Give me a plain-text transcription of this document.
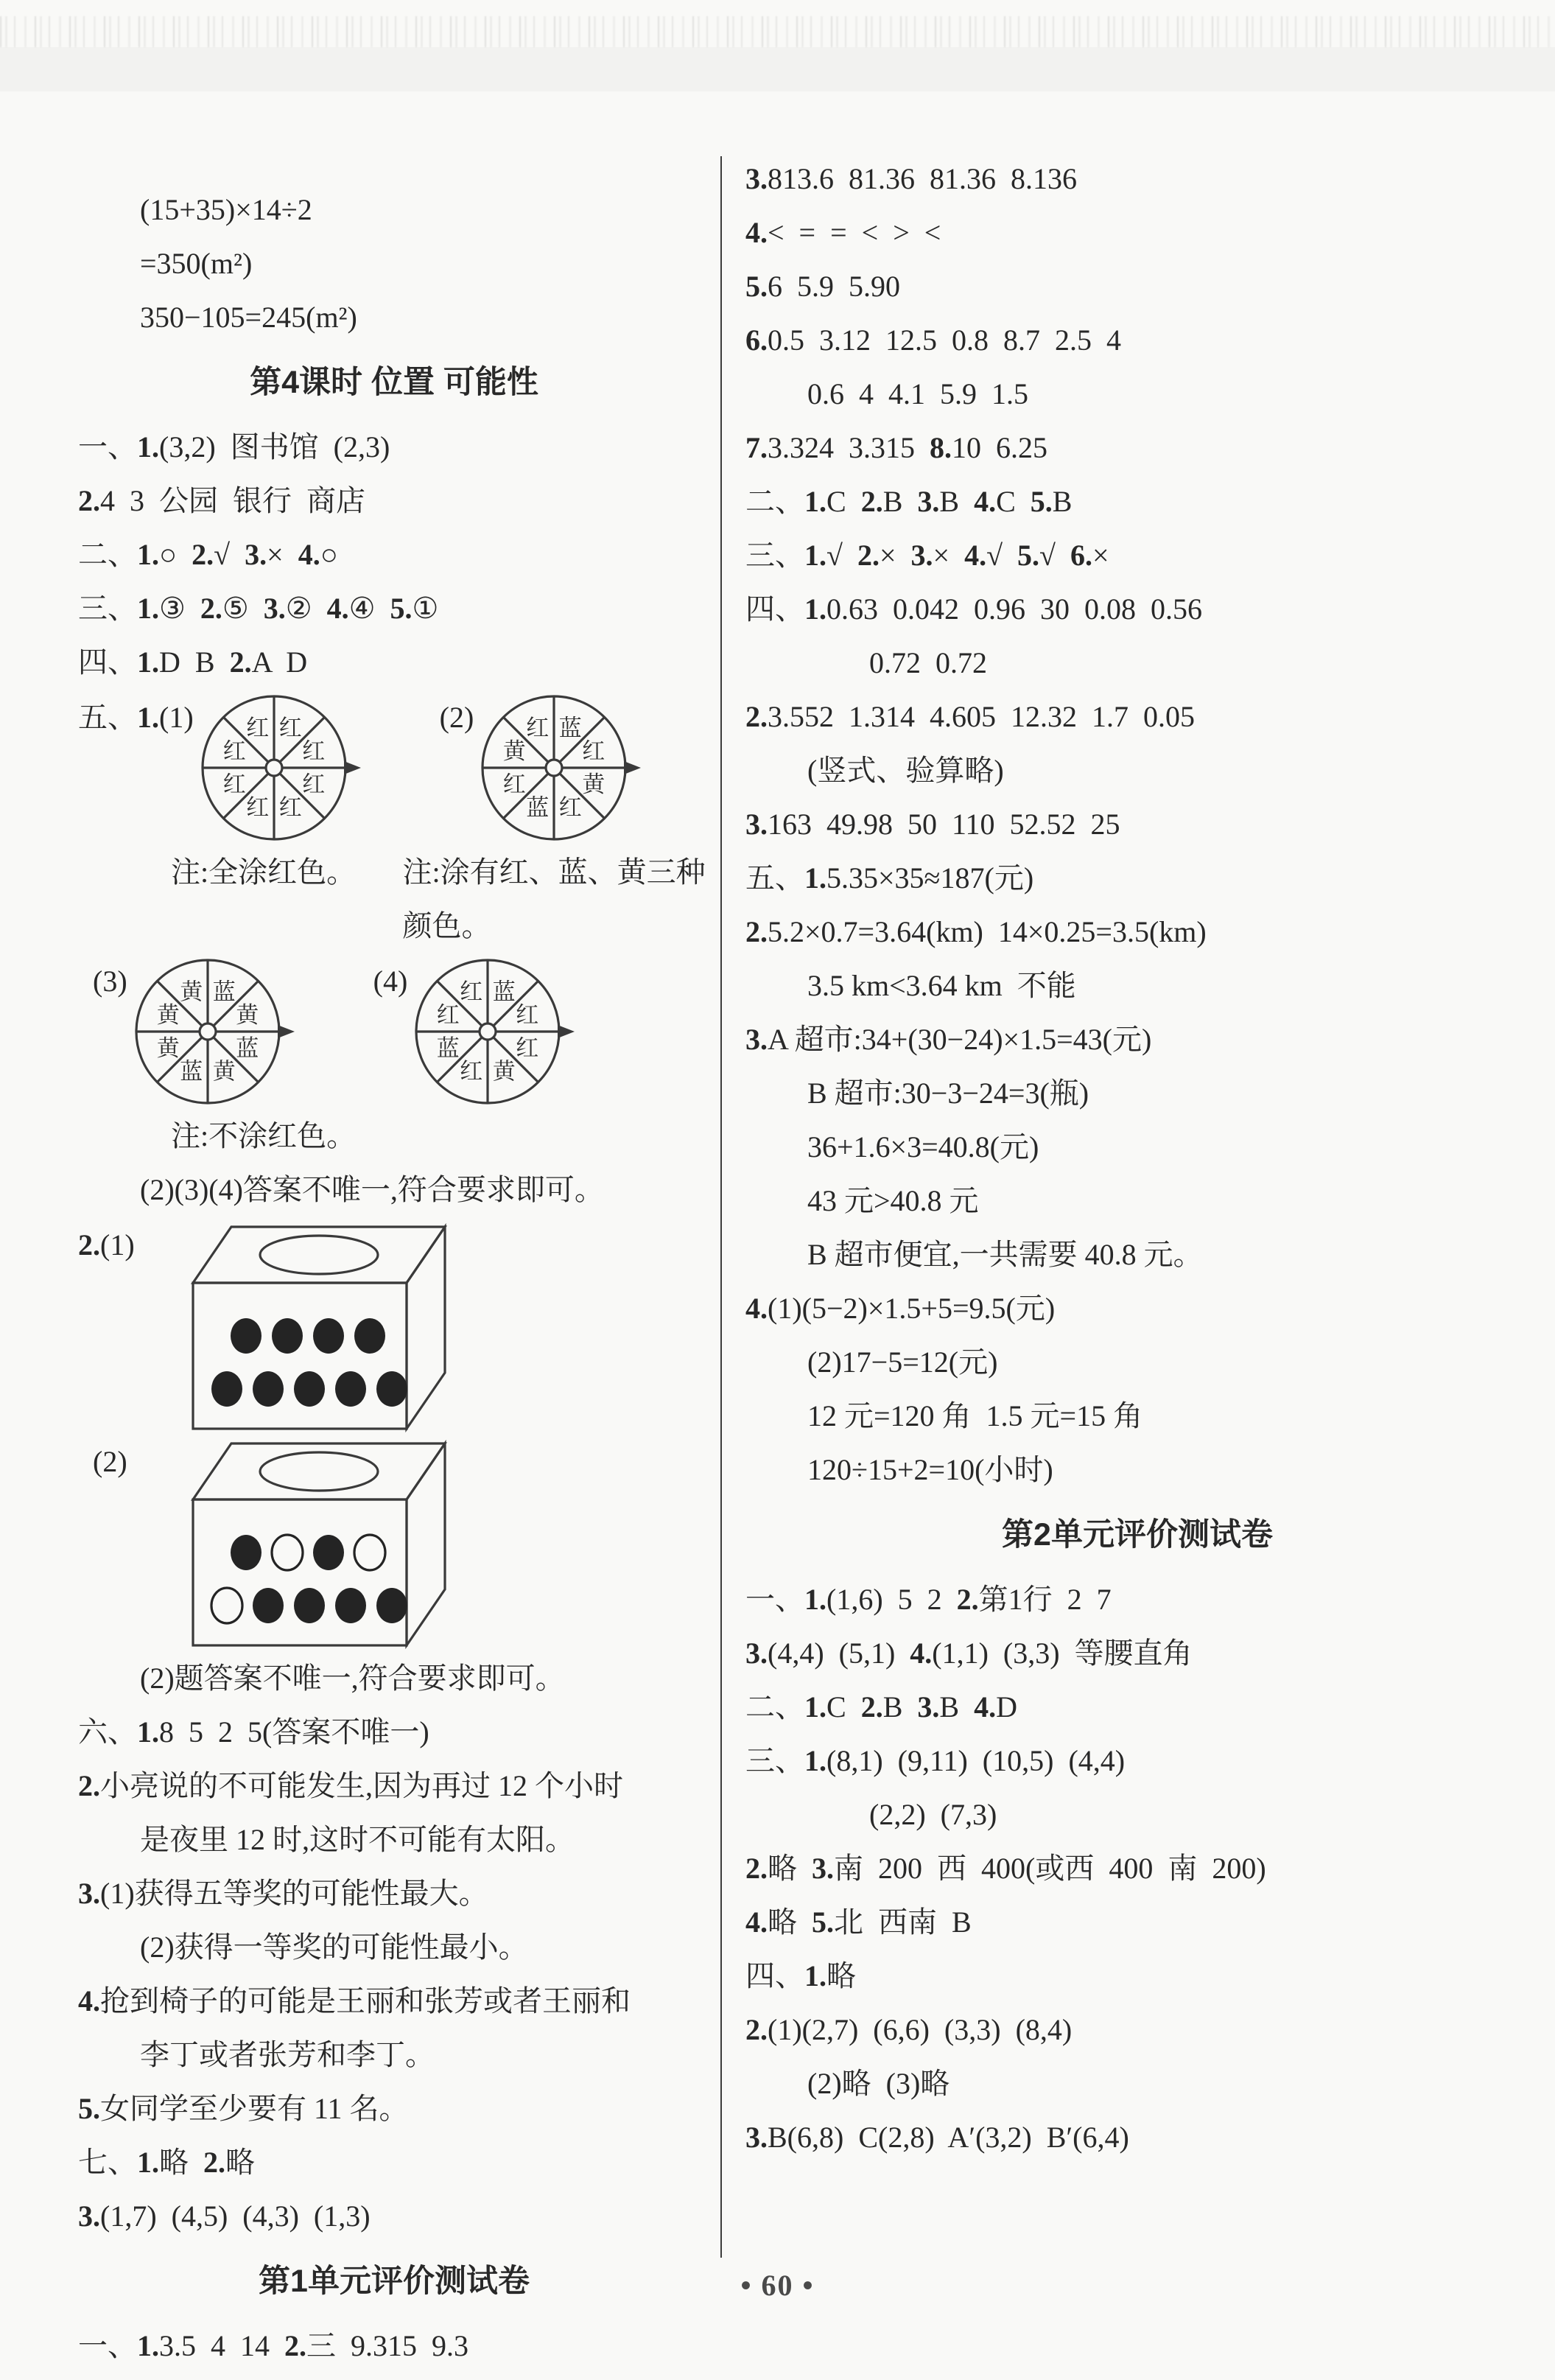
(15+35)×14÷2
=350(m²)
350−105=245(m²)
第4课时 位置 可能性
一、1.(3,2)  图书馆  (2,3)
2.4  3  公园  银行  商店
二、1.○  2.√  3.×  4.○
三、1.③  2.⑤  3.②  4.④  5.①
四、1.D  B  2.A  D
五、1.(1) 红 红
红 红
红 红
红 红
(2) 红 蓝
黄 红
红 黄
蓝 红
注:全涂红色。	注:涂有红、蓝、黄三种颜色。
(3) 黄 蓝
黄 黄
黄 蓝
蓝 黄
(4) 红 蓝
红 红
蓝 红
红 黄
注:不涂红色。
(2)(3)(4)答案不唯一,符合要求即可。
2.(1)
(2)
(2)题答案不唯一,符合要求即可。
六、1.8  5  2  5(答案不唯一)
2.小亮说的不可能发生,因为再过 12 个小时
是夜里 12 时,这时不可能有太阳。
3.(1)获得五等奖的可能性最大。
(2)获得一等奖的可能性最小。
4.抢到椅子的可能是王丽和张芳或者王丽和
李丁或者张芳和李丁。
5.女同学至少要有 11 名。
七、1.略  2.略
3.(1,7)  (4,5)  (4,3)  (1,3)
第1单元评价测试卷
一、1.3.5  4  14  2.三  9.315  9.3
3.813.6  81.36  81.36  8.136
4.<  =  =  <  >  <
5.6  5.9  5.90
6.0.5  3.12  12.5  0.8  8.7  2.5  4
0.6  4  4.1  5.9  1.5
7.3.324  3.315  8.10  6.25
二、1.C  2.B  3.B  4.C  5.B
三、1.√  2.×  3.×  4.√  5.√  6.×
四、1.0.63  0.042  0.96  30  0.08  0.56
0.72  0.72
2.3.552  1.314  4.605  12.32  1.7  0.05
(竖式、验算略)
3.163  49.98  50  110  52.52  25
五、1.5.35×35≈187(元)
2.5.2×0.7=3.64(km)  14×0.25=3.5(km)
3.5 km<3.64 km  不能
3.A 超市:34+(30−24)×1.5=43(元)
B 超市:30−3−24=3(瓶)
36+1.6×3=40.8(元)
43 元>40.8 元
B 超市便宜,一共需要 40.8 元。
4.(1)(5−2)×1.5+5=9.5(元)
(2)17−5=12(元)
12 元=120 角  1.5 元=15 角
120÷15+2=10(小时)
第2单元评价测试卷
一、1.(1,6)  5  2  2.第1行  2  7
3.(4,4)  (5,1)  4.(1,1)  (3,3)  等腰直角
二、1.C  2.B  3.B  4.D
三、1.(8,1)  (9,11)  (10,5)  (4,4)
(2,2)  (7,3)
2.略  3.南  200  西  400(或西  400  南  200)
4.略  5.北  西南  B
四、1.略
2.(1)(2,7)  (6,6)  (3,3)  (8,4)
(2)略  (3)略
3.B(6,8)  C(2,8)  A′(3,2)  B′(6,4)
• 60 •
